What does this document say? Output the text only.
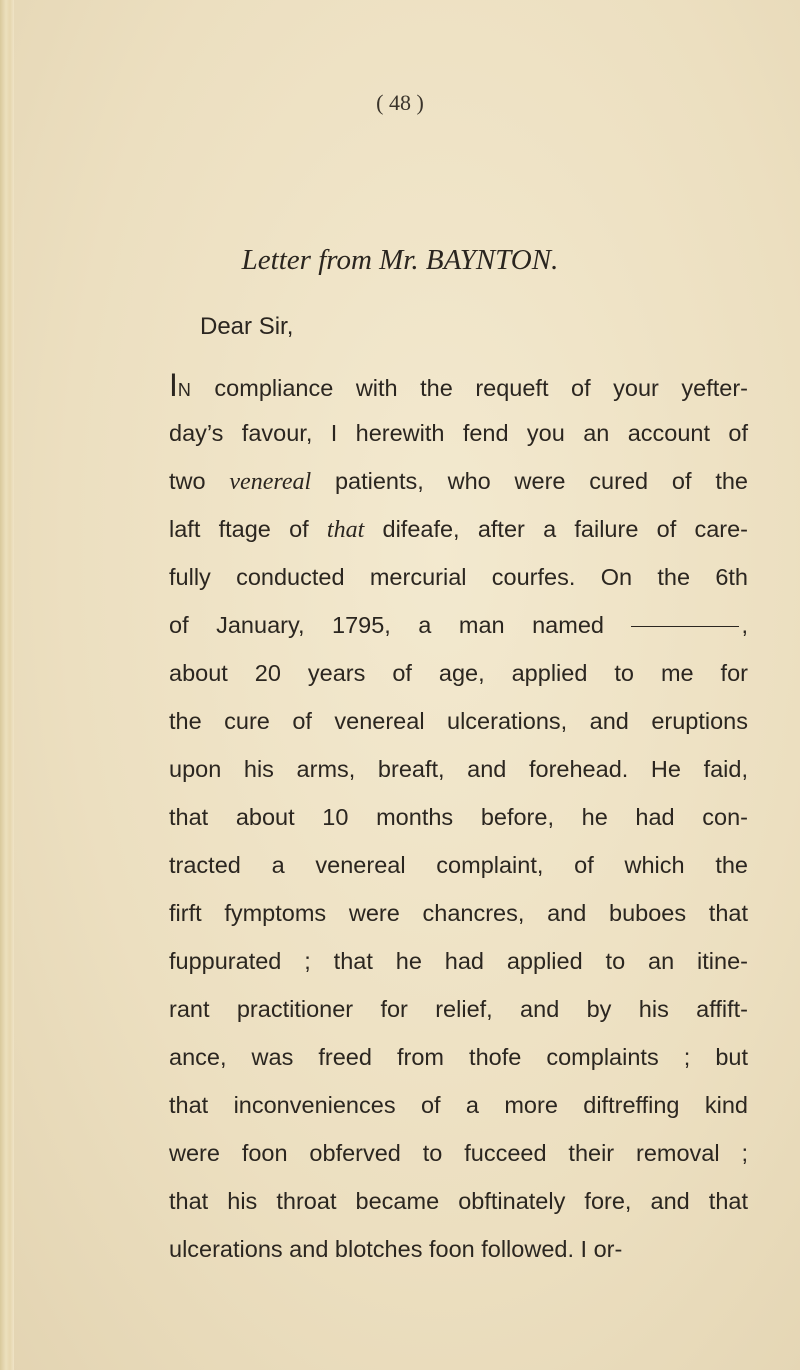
( 48 )
Letter from Mr. BAYNTON.
Dear Sir,
IN compliance with the requeft of your yefter-
day’s favour, I herewith fend you an account of
two venereal patients, who were cured of the
laft ftage of that difeafe, after a failure of care-
fully conducted mercurial courfes. On the 6th
of January, 1795, a man named	,
about 20 years of age, applied to me for
the cure of venereal ulcerations, and eruptions
upon his arms, breaft, and forehead. He faid,
that about 10 months before, he had con-
tracted a venereal complaint, of which the
firft fymptoms were chancres, and buboes that
fuppurated ; that he had applied to an itine-
rant practitioner for relief, and by his affift-
ance, was freed from thofe complaints ; but
that inconveniences of a more diftreffing kind
were foon obferved to fucceed their removal ;
that his throat became obftinately fore, and that
ulcerations and blotches foon followed. I or-
